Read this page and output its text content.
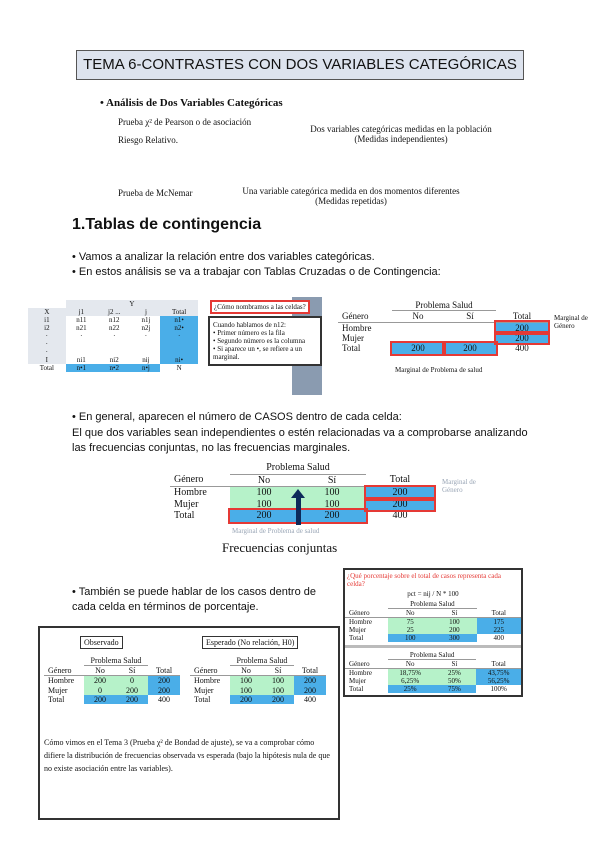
TEMA 6-CONTRASTES CON DOS VARIABLES CATEGÓRICAS
• Análisis de Dos Variables Categóricas
Prueba χ² de Pearson o de asociación
Riesgo Relativo.
Dos variables categóricas medidas en la población
(Medidas independientes)
Prueba de McNemar	Una variable categórica medida en dos momentos diferentes
(Medidas repetidas)
1.Tablas de contingencia
• Vamos a analizar la relación entre dos variables categóricas.
• En estos análisis se va a trabajar con Tablas Cruzadas o de Contingencia:
	Y			
X	j1	j2 ...	j	Total
i1	n11	n12	n1j	n1•
i2	n21	n22	n2j	n2•
·	·	·	·	·
·				
·				
I	ni1	ni2	nij	ni•
Total	n•1	n•2	n•j	N
¿Cómo nombramos a las celdas?
Cuando hablamos de n12:
• Primer número es la fila
• Segundo número es la columna
• Si aparece un •, se refiere a un marginal.
	Problema Salud		
Género	No	Sí	Total
Hombre			200
Mujer			200
Total	200	200	400
Marginal de Género
Marginal de Problema de salud
• En general, aparecen el número de CASOS dentro de cada celda:
El que dos variables sean independientes o estén relacionadas va a comprobarse analizando las frecuencias conjuntas, no las frecuencias marginales.
	Problema Salud		
Género	No	Sí	Total
Hombre	100	100	200
Mujer	100	100	200
Total	200	200	400
Marginal de Género
Marginal de Problema de salud
Frecuencias conjuntas
• También se puede hablar de los casos dentro de cada celda en términos de porcentaje.
¿Qué porcentaje sobre el total de casos representa cada celda?
pct = nij / N * 100
	Problema Salud		
Género	No	Sí	Total
Hombre	75	100	175
Mujer	25	200	225
Total	100	300	400
	Problema Salud		
Género	No	Sí	Total
Hombre	18,75%	25%	43,75%
Mujer	6,25%	50%	56,25%
Total	25%	75%	100%
Observado	Esperado (No relación, H0)
	Problema Salud		
Género	No	Sí	Total
Hombre	200	0	200
Mujer	0	200	200
Total	200	200	400
	Problema Salud		
Género	No	Sí	Total
Hombre	100	100	200
Mujer	100	100	200
Total	200	200	400
Cómo vimos en el Tema 3 (Prueba χ² de Bondad de ajuste), se va a comprobar cómo difiere la distribución de frecuencias observada vs esperada (bajo la hipótesis nula de que no existe asociación entre las variables).
